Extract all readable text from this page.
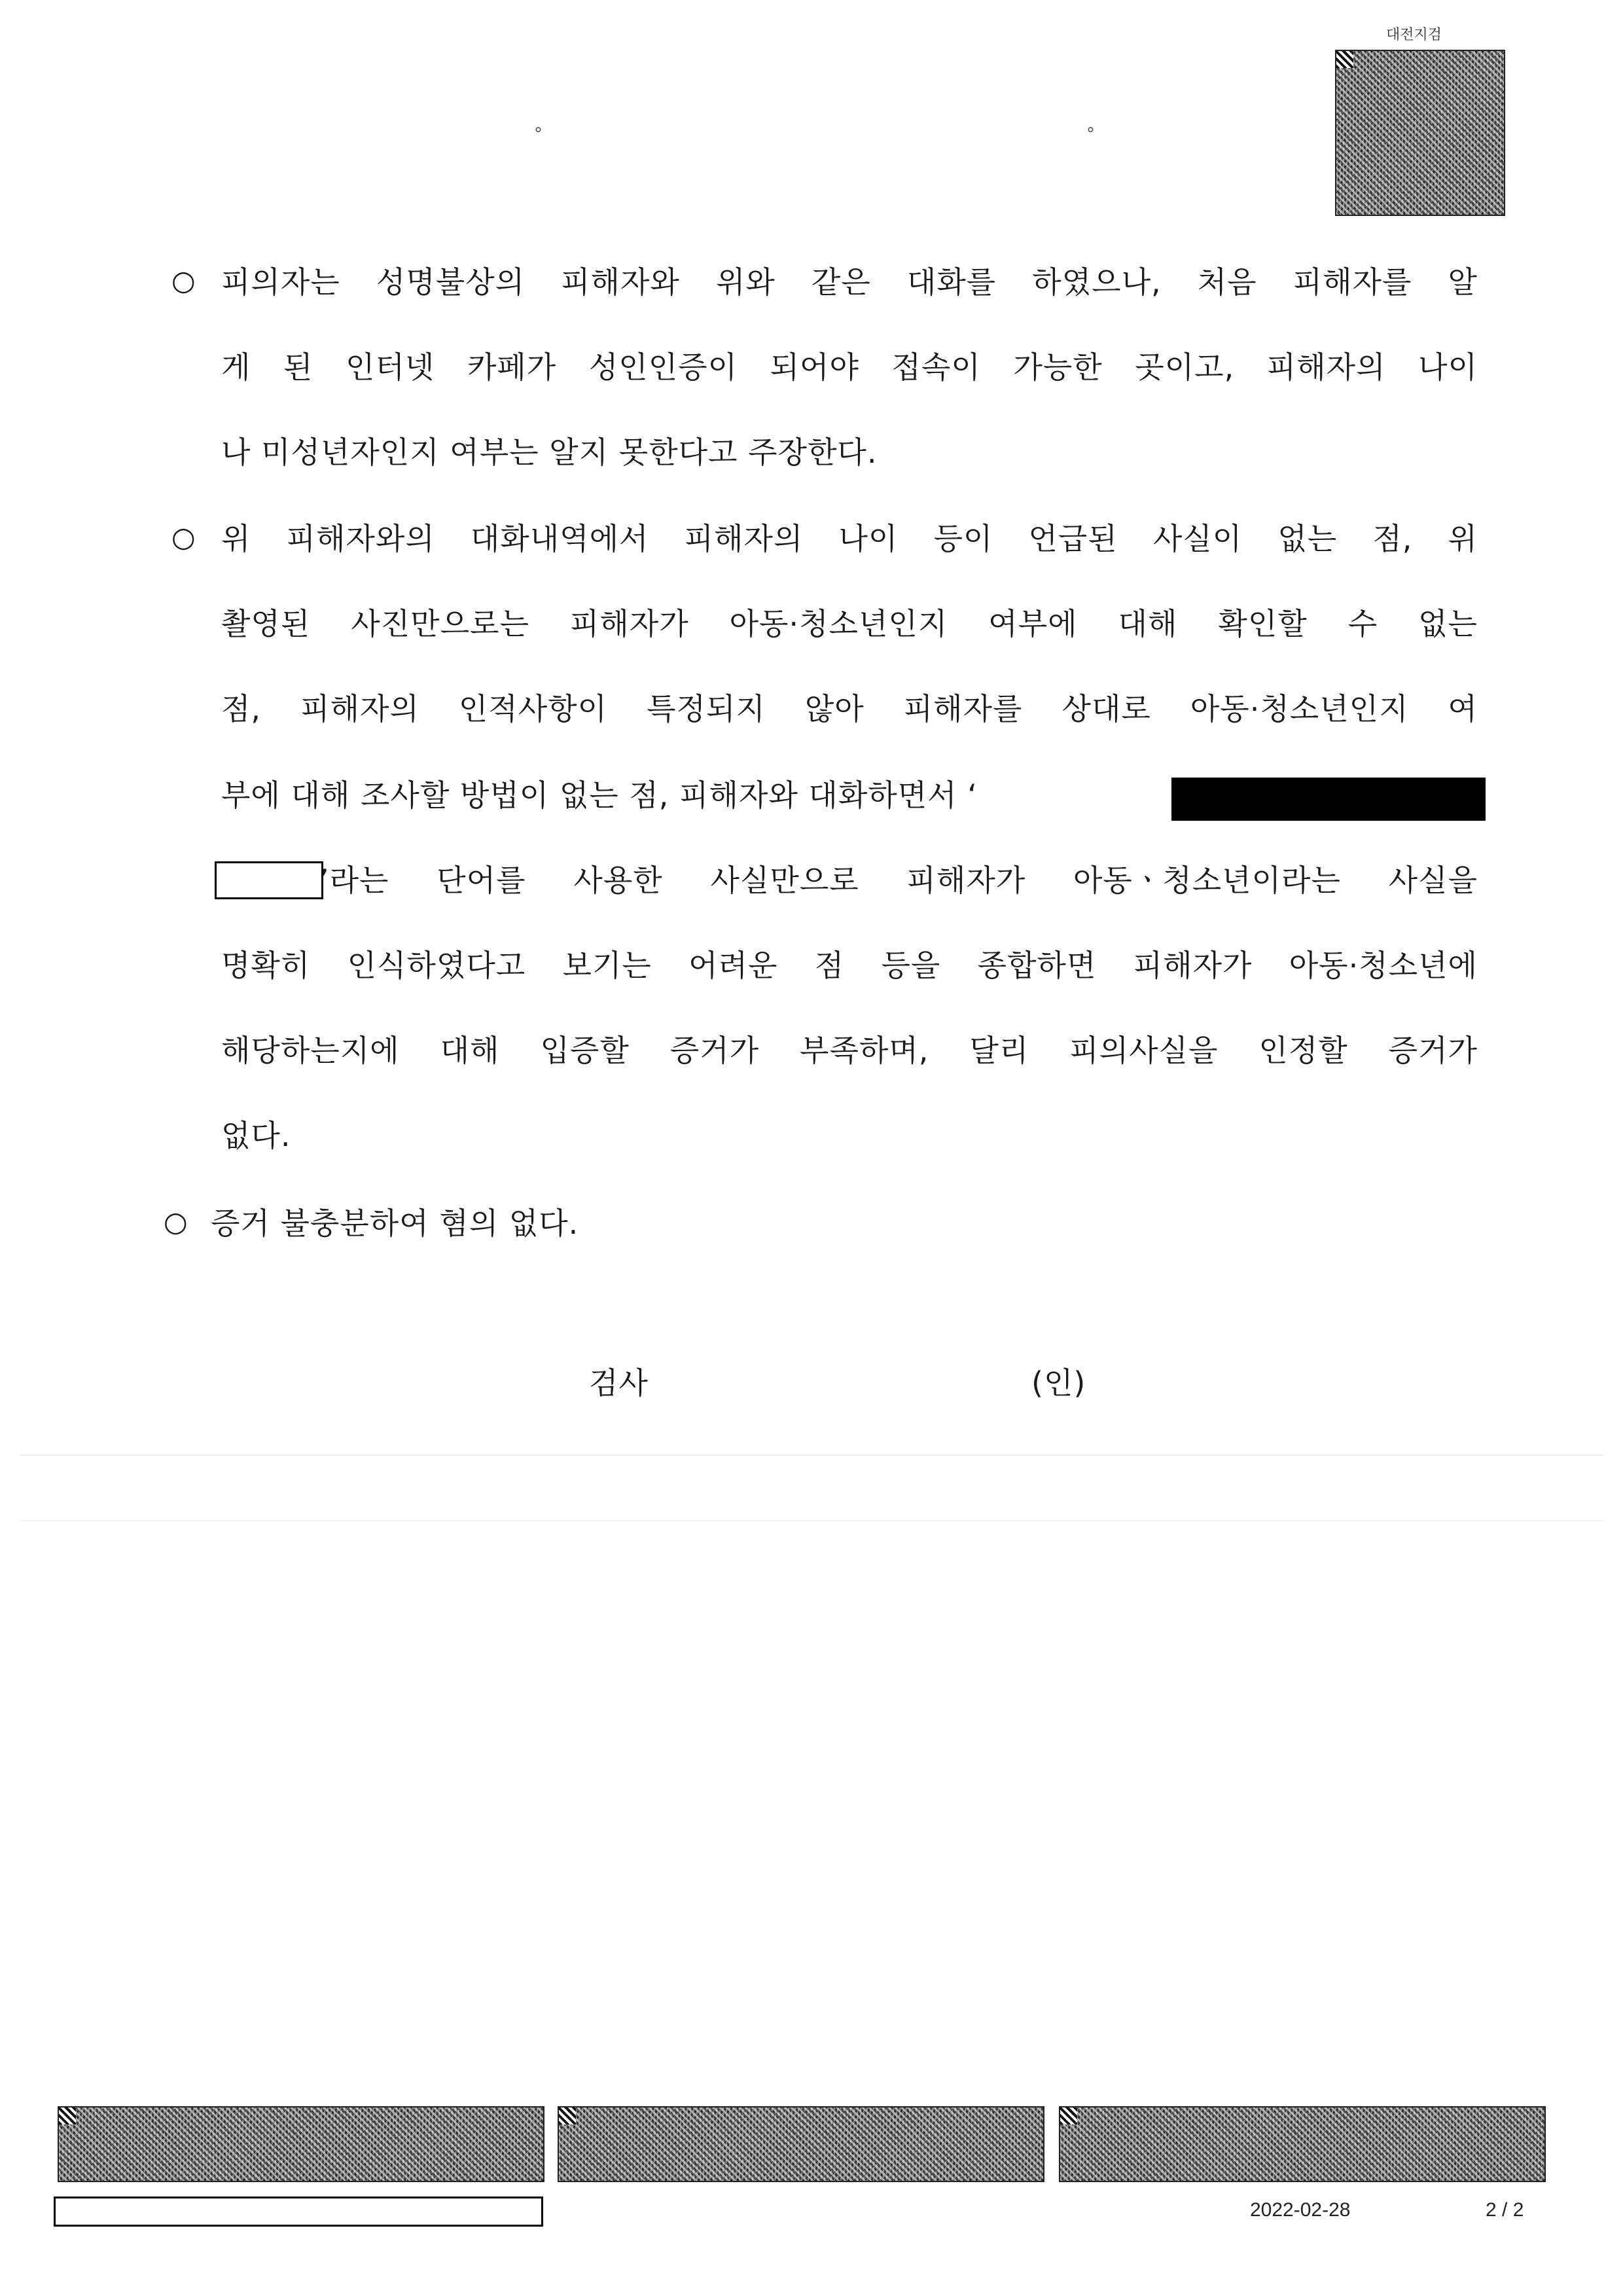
대전지검
°	°
○ 피의자는 성명불상의 피해자와 위와 같은 대화를 하였으나, 처음 피해자를 알
게 된 인터넷 카페가 성인인증이 되어야 접속이 가능한 곳이고, 피해자의 나이
나 미성년자인지 여부는 알지 못한다고 주장한다.
○ 위 피해자와의 대화내역에서 피해자의 나이 등이 언급된 사실이 없는 점, 위
촬영된 사진만으로는 피해자가 아동·청소년인지 여부에 대해 확인할 수 없는
점, 피해자의 인적사항이 특정되지 않아 피해자를 상대로 아동·청소년인지 여
부에 대해 조사할 방법이 없는 점, 피해자와 대화하면서 ‘
’라는 단어를 사용한 사실만으로 피해자가 아동ㆍ청소년이라는 사실을
명확히 인식하였다고 보기는 어려운 점 등을 종합하면 피해자가 아동·청소년에
해당하는지에 대해 입증할 증거가 부족하며, 달리 피의사실을 인정할 증거가
없다.
○ 증거 불충분하여 혐의 없다.
검사	(인)
2022-02-28	2 / 2
